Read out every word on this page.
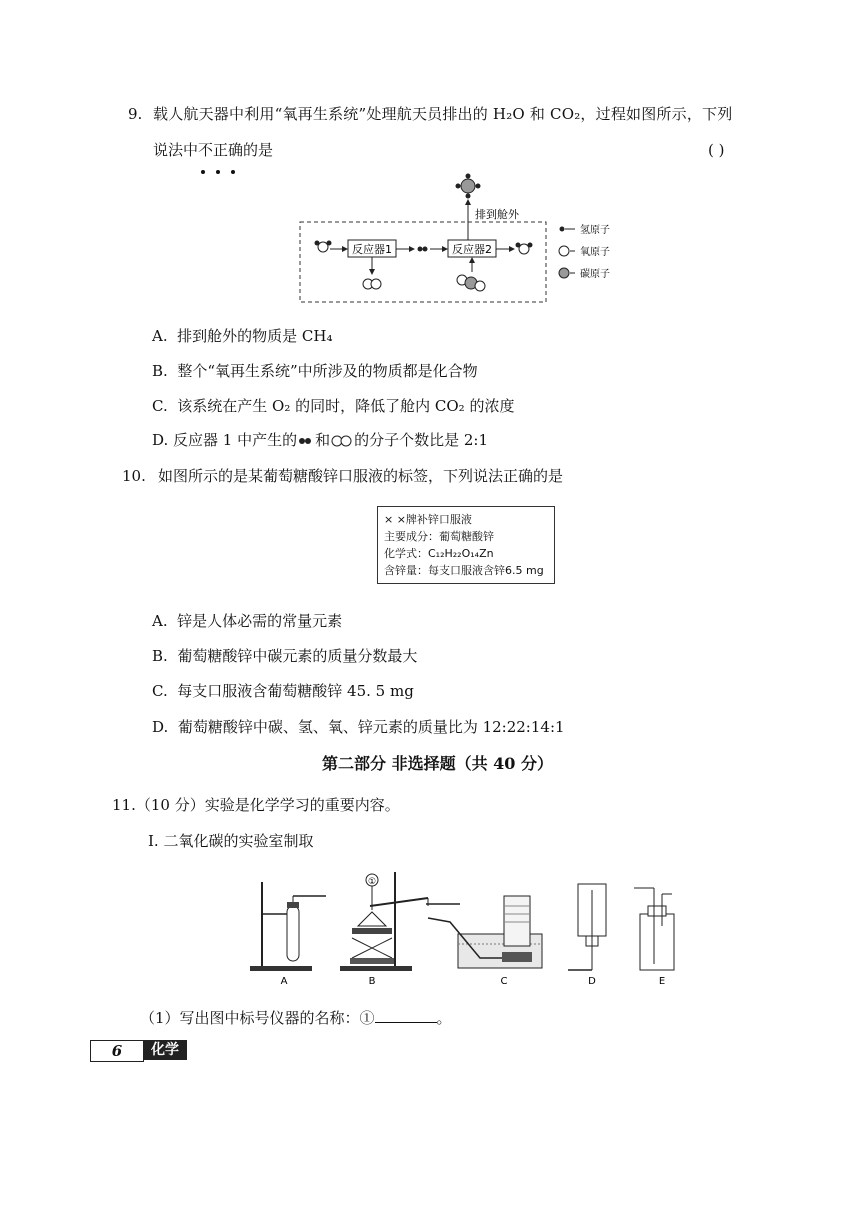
9. 载人航天器中利用“氧再生系统”处理航天员排出的 H₂O 和 CO₂，过程如图所示，下列
说法中不正确的是	( )
排到舱外
反应器1	反应器2
氢原子
氧原子
碳原子
A. 排到舱外的物质是 CH₄
B. 整个“氧再生系统”中所涉及的物质都是化合物
C. 该系统在产生 O₂ 的同时，降低了舱内 CO₂ 的浓度
D. 反应器 1 中产生的 和 的分子个数比是 2:1
10. 如图所示的是某葡萄糖酸锌口服液的标签，下列说法正确的是
× ×牌补锌口服液
主要成分：葡萄糖酸锌
化学式：C₁₂H₂₂O₁₄Zn
含锌量：每支口服液含锌6.5 mg
A. 锌是人体必需的常量元素
B. 葡萄糖酸锌中碳元素的质量分数最大
C. 每支口服液含葡萄糖酸锌 45. 5 mg
D. 葡萄糖酸锌中碳、氢、氧、锌元素的质量比为 12:22:14:1
第二部分 非选择题（共 40 分）
11.（10 分）实验是化学学习的重要内容。
Ⅰ. 二氧化碳的实验室制取
A
①
B	C	D	E
（1）写出图中标号仪器的名称：①	。
6	化学
